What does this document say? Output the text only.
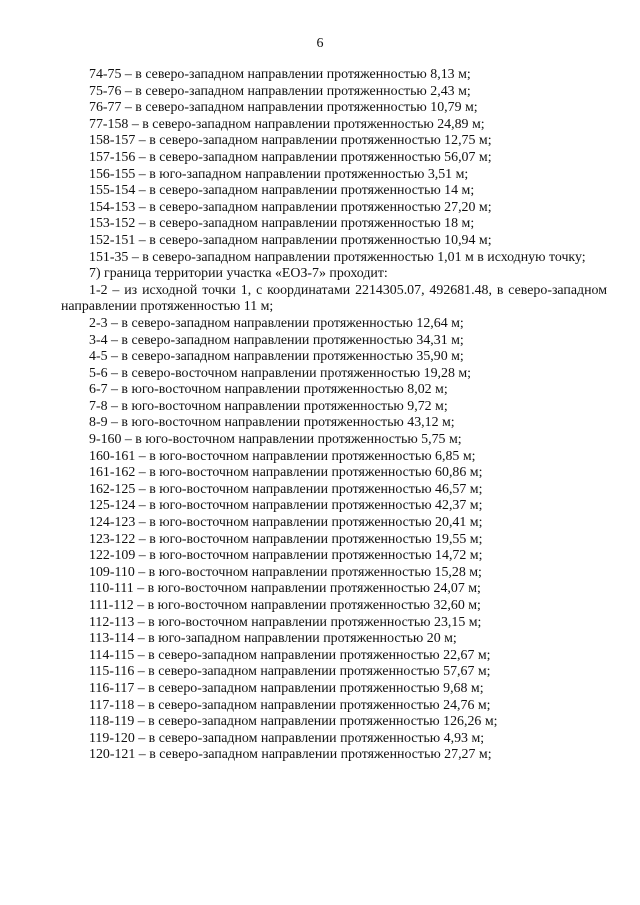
6
74-75 – в северо-западном направлении протяженностью 8,13 м;
75-76 – в северо-западном направлении протяженностью 2,43 м;
76-77 – в северо-западном направлении протяженностью 10,79 м;
77-158 – в северо-западном направлении протяженностью 24,89 м;
158-157 – в северо-западном направлении протяженностью 12,75 м;
157-156 – в северо-западном направлении протяженностью 56,07 м;
156-155 – в юго-западном направлении протяженностью 3,51 м;
155-154 – в северо-западном направлении протяженностью 14 м;
154-153 – в северо-западном направлении протяженностью 27,20 м;
153-152 – в северо-западном направлении протяженностью 18 м;
152-151 – в северо-западном направлении протяженностью 10,94 м;
151-35 – в северо-западном направлении протяженностью 1,01 м в исходную точку;
7) граница территории участка «ЕОЗ-7» проходит:
1-2 – из исходной точки 1, с координатами 2214305.07, 492681.48, в северо-западном направлении протяженностью 11 м;
2-3 – в северо-западном направлении протяженностью 12,64 м;
3-4 – в северо-западном направлении протяженностью 34,31 м;
4-5 – в северо-западном направлении протяженностью 35,90 м;
5-6 – в северо-восточном направлении протяженностью 19,28 м;
6-7 – в юго-восточном направлении протяженностью 8,02 м;
7-8 – в юго-восточном направлении протяженностью 9,72 м;
8-9 – в юго-восточном направлении протяженностью 43,12 м;
9-160 – в юго-восточном направлении протяженностью 5,75 м;
160-161 – в юго-восточном направлении протяженностью 6,85 м;
161-162 – в юго-восточном направлении протяженностью 60,86 м;
162-125 – в юго-восточном направлении протяженностью 46,57 м;
125-124 – в юго-восточном направлении протяженностью 42,37 м;
124-123 – в юго-восточном направлении протяженностью 20,41 м;
123-122 – в юго-восточном направлении протяженностью 19,55 м;
122-109 – в юго-восточном направлении протяженностью 14,72 м;
109-110 – в юго-восточном направлении протяженностью 15,28 м;
110-111 – в юго-восточном направлении протяженностью 24,07 м;
111-112 – в юго-восточном направлении протяженностью 32,60 м;
112-113 – в юго-восточном направлении протяженностью 23,15 м;
113-114 – в юго-западном направлении протяженностью 20 м;
114-115 – в северо-западном направлении протяженностью 22,67 м;
115-116 – в северо-западном направлении протяженностью 57,67 м;
116-117 – в северо-западном направлении протяженностью 9,68 м;
117-118 – в северо-западном направлении протяженностью 24,76 м;
118-119 – в северо-западном направлении протяженностью 126,26 м;
119-120 – в северо-западном направлении протяженностью 4,93 м;
120-121 – в северо-западном направлении протяженностью 27,27 м;
